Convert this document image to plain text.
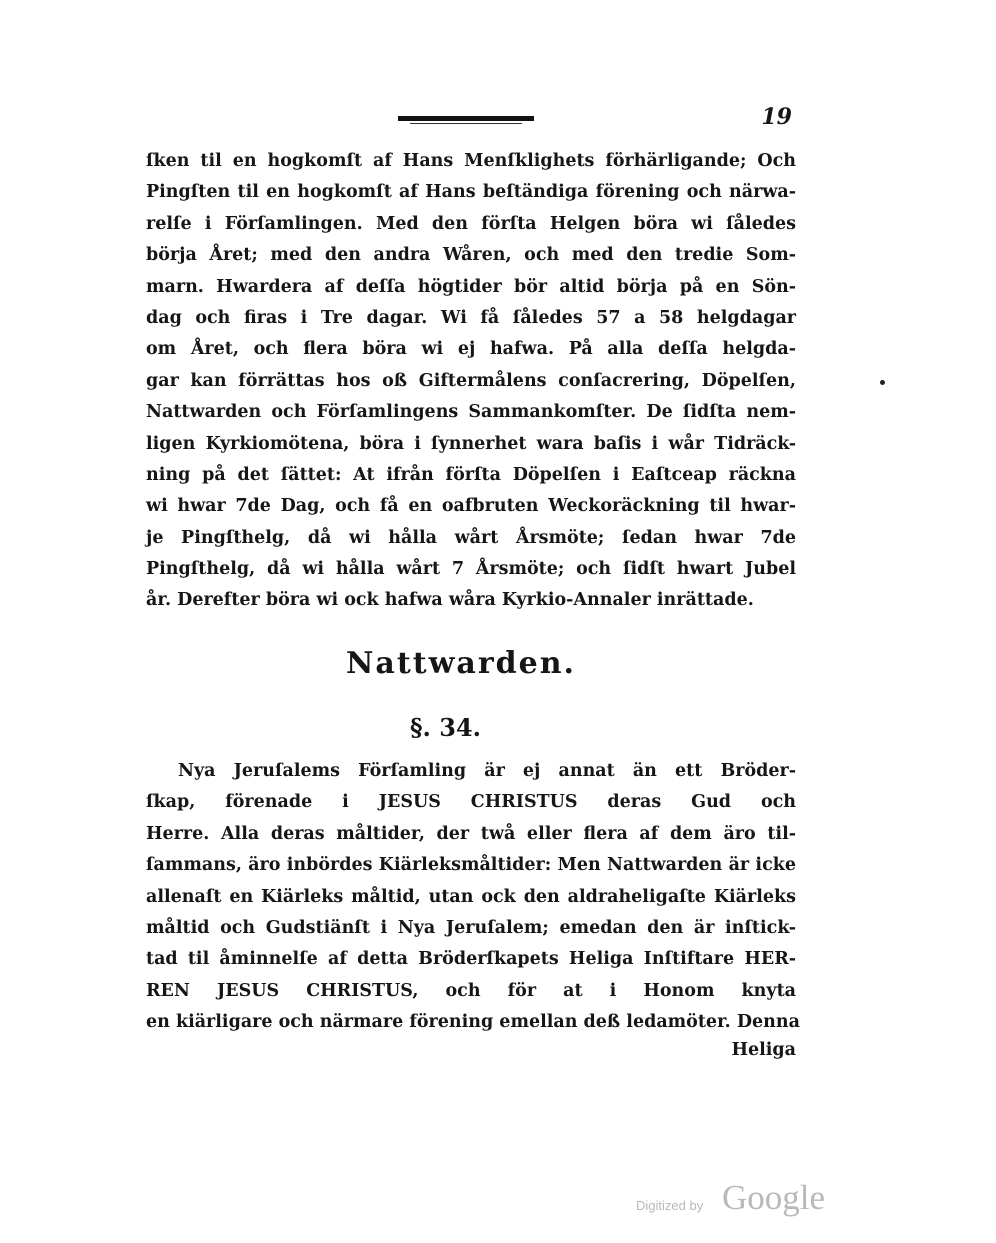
19
ſken til en hogkomſt af Hans Menſklighets förhärligande; Och
Pingſten til en hogkomſt af Hans beſtändiga förening och närwa-
relſe i Förſamlingen. Med den förſta Helgen böra wi ſåledes
börja Året; med den andra Wåren, och med den tredie Som-
marn. Hwardera af deſſa högtider bör altid börja på en Sön-
dag och firas i Tre dagar. Wi få ſåledes 57 a 58 helgdagar
om Året, och flera böra wi ej hafwa. På alla deſſa helgda-
gar kan förrättas hos oß Giftermålens conſacrering, Döpelſen,
Nattwarden och Förſamlingens Sammankomſter. De ſidſta nem-
ligen Kyrkiomötena, böra i ſynnerhet wara baſis i wår Tidräck-
ning på det ſättet: At ifrån förſta Döpelſen i Eaſtceap räckna
wi hwar 7de Dag, och få en oafbruten Weckoräckning til hwar-
je Pingſthelg, då wi hålla wårt Årsmöte; ſedan hwar 7de
Pingſthelg, då wi hålla wårt 7 Årsmöte; och ſidſt hwart Jubel
år. Derefter böra wi ock hafwa wåra Kyrkio-Annaler inrättade.
Nattwarden.
§. 34.
Nya Jeruſalems Förſamling är ej annat än ett Bröder-
ſkap, förenade i JESUS CHRISTUS deras Gud och
Herre. Alla deras måltider, der twå eller flera af dem äro til-
ſammans, äro inbördes Kiärleksmåltider: Men Nattwarden är icke
allenaſt en Kiärleks måltid, utan ock den aldraheligaſte Kiärleks
måltid och Gudstiänſt i Nya Jeruſalem; emedan den är inſtick-
tad til åminnelſe af detta Bröderſkapets Heliga Inſtiftare HER-
REN JESUS CHRISTUS, och för at i Honom knyta
en kiärligare och närmare förening emellan deß ledamöter. Denna
Heliga
Digitized by Google
